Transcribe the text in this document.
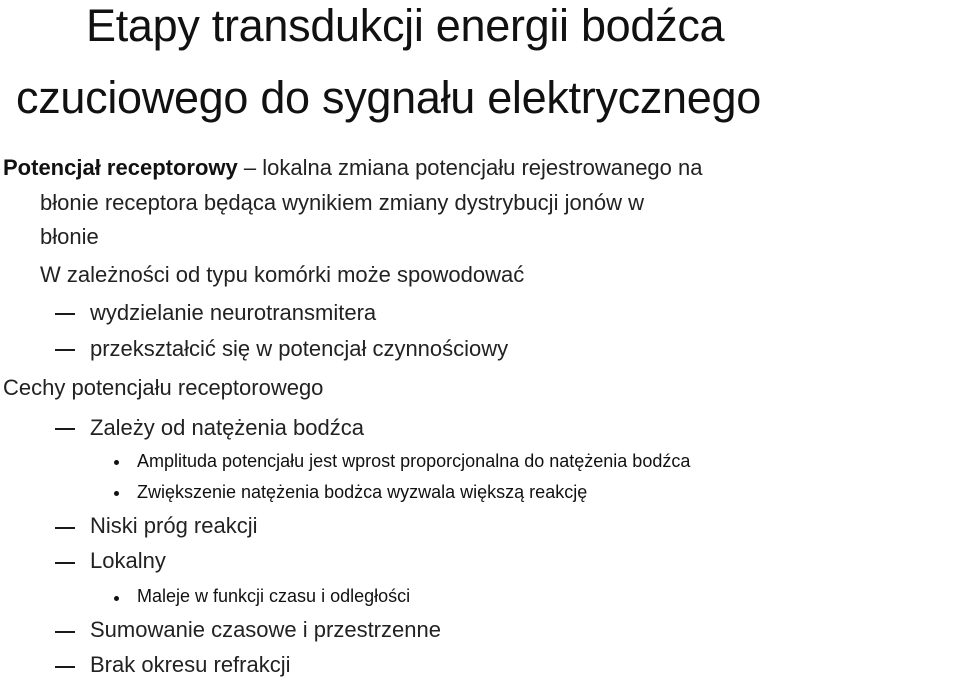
Etapy transdukcji energii bodźca
czuciowego do sygnału elektrycznego

Potencjał receptorowy – lokalna zmiana potencjału rejestrowanego na

błonie receptora będąca wynikiem zmiany dystrybucji jonów w

błonie

W zależności od typu komórki może spowodować

wydzielanie neurotransmitera

przekształcić się w potencjał czynnościowy

Cechy potencjału receptorowego

Zależy od natężenia bodźca

Amplituda potencjału jest wprost proporcjonalna do natężenia bodźca

Zwiększenie natężenia bodżca wyzwala większą reakcję

Niski próg reakcji

Lokalny

Maleje w funkcji czasu i odległości

Sumowanie czasowe i przestrzenne

Brak okresu refrakcji
